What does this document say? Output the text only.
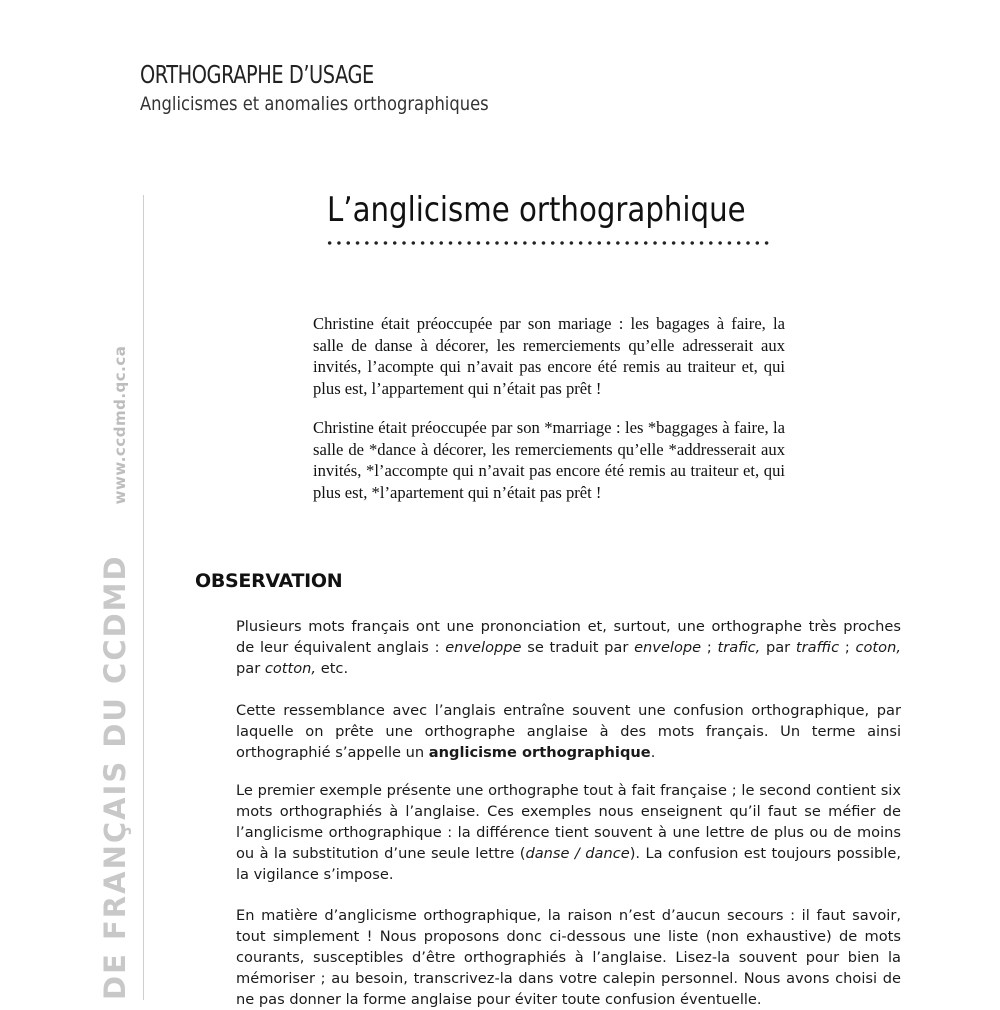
ORTHOGRAPHE D’USAGE
Anglicismes et anomalies orthographiques
DE FRANÇAIS DU CCDMD
www.ccdmd.qc.ca
L’anglicisme orthographique

Christine était préoccupée par son mariage : les bagages à faire, la salle de danse à décorer, les remerciements qu’elle adresserait aux invités, l’acompte qui n’avait pas encore été remis au traiteur et, qui plus est, l’appartement qui n’était pas prêt !

Christine était préoccupée par son *marriage : les *baggages à faire, la salle de *dance à décorer, les remerciements qu’elle *addresserait aux invités, *l’accompte qui n’avait pas encore été remis au traiteur et, qui plus est, *l’apartement qui n’était pas prêt !

OBSERVATION

Plusieurs mots français ont une prononciation et, surtout, une orthographe très proches de leur équivalent anglais : enveloppe se traduit par envelope ; trafic, par traffic ; coton, par cotton, etc.

Cette ressemblance avec l’anglais entraîne souvent une confusion orthographique, par laquelle on prête une orthographe anglaise à des mots français. Un terme ainsi orthographié s’appelle un anglicisme orthographique.

Le premier exemple présente une orthographe tout à fait française ; le second contient six mots orthographiés à l’anglaise. Ces exemples nous enseignent qu’il faut se méfier de l’anglicisme orthographique : la différence tient souvent à une lettre de plus ou de moins ou à la substitution d’une seule lettre (danse / dance). La confusion est toujours possible, la vigilance s’impose.

En matière d’anglicisme orthographique, la raison n’est d’aucun secours : il faut savoir, tout simplement ! Nous proposons donc ci-dessous une liste (non exhaustive) de mots courants, susceptibles d’être orthographiés à l’anglaise. Lisez-la souvent pour bien la mémoriser ; au besoin, transcrivez-la dans votre calepin personnel. Nous avons choisi de ne pas donner la forme anglaise pour éviter toute confusion éventuelle.
